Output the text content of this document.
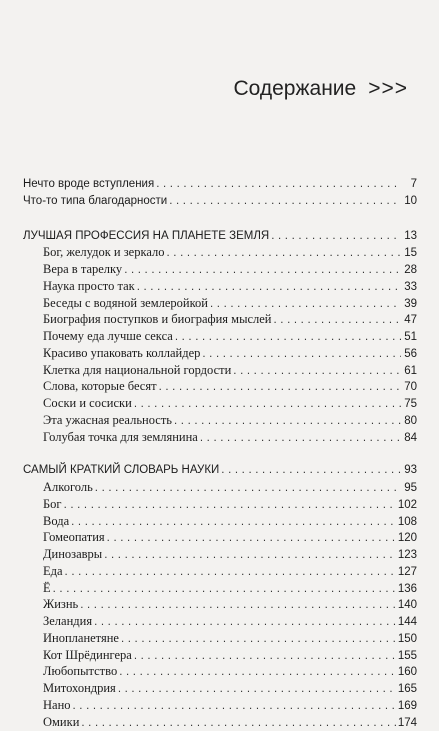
Содержание >>>
Нечто вроде вступления . . .	7
Что-то типа благодарности . . .	10
ЛУЧШАЯ ПРОФЕССИЯ НА ПЛАНЕТЕ ЗЕМЛЯ . . .	13
Бог, желудок и зеркало . . .	15
Вера в тарелку . . .	28
Наука просто так . . .	33
Беседы с водяной землеройкой . . .	39
Биография поступков и биография мыслей . . .	47
Почему еда лучше секса . . .	51
Красиво упаковать коллайдер . . .	56
Клетка для национальной гордости . . .	61
Слова, которые бесят . . .	70
Соски и сосиски . . .	75
Эта ужасная реальность . . .	80
Голубая точка для землянина . . .	84
САМЫЙ КРАТКИЙ СЛОВАРЬ НАУКИ . . .	93
Алкоголь . . .	95
Бог . . .	102
Вода . . .	108
Гомеопатия . . .	120
Динозавры . . .	123
Еда . . .	127
Ё . . .	136
Жизнь . . .	140
Зеландия . . .	144
Инопланетяне . . .	150
Кот Шрёдингера . . .	155
Любопытство . . .	160
Митохондрия . . .	165
Нано . . .	169
Омики . . .	174
